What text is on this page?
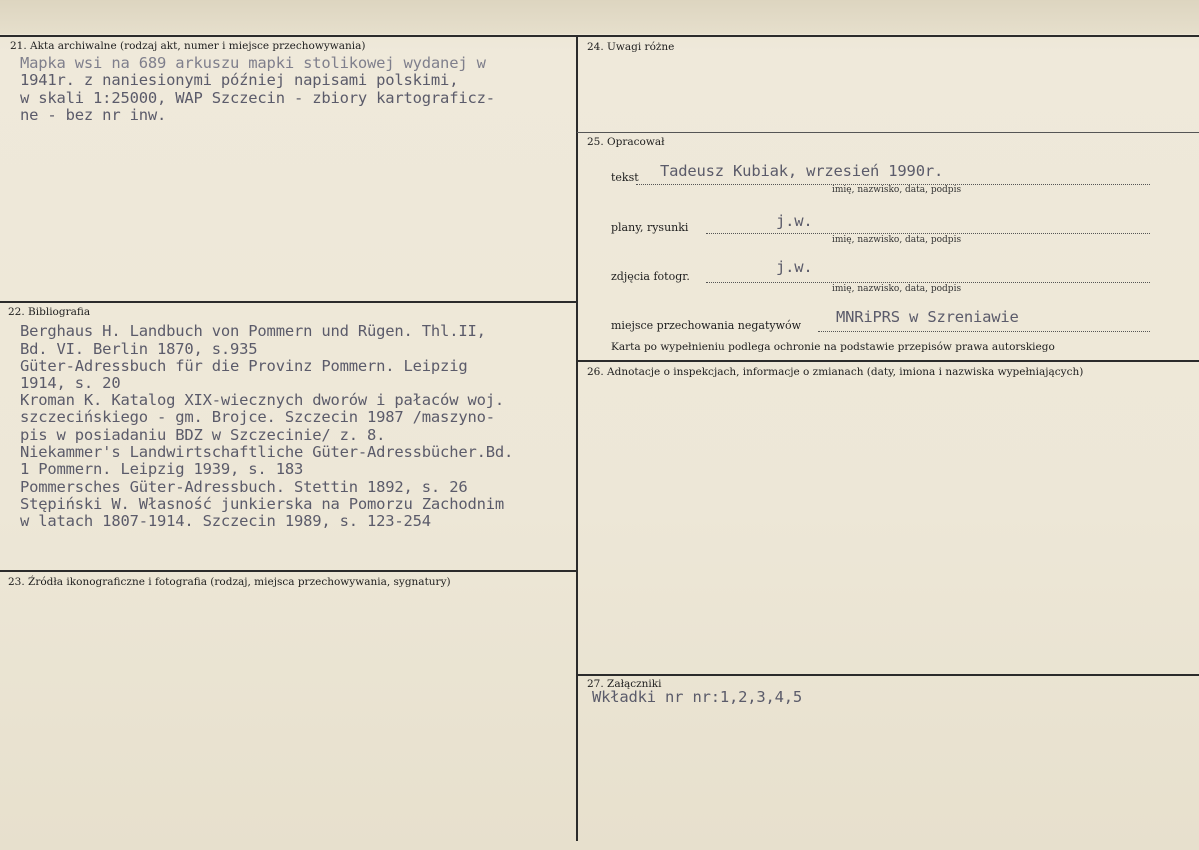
21. Akta archiwalne (rodzaj akt, numer i miejsce przechowywania)
Mapka wsi na 689 arkuszu mapki stolikowej wydanej w
1941r. z naniesionymi później napisami polskimi,
w skali 1:25000, WAP Szczecin - zbiory kartograficz-
ne - bez nr inw.
22. Bibliografia
Berghaus H. Landbuch von Pommern und Rügen. Thl.II,
Bd. VI. Berlin 1870, s.935
Güter-Adressbuch für die Provinz Pommern. Leipzig
1914, s. 20
Kroman K. Katalog XIX-wiecznych dworów i pałaców woj.
szczecińskiego - gm. Brojce. Szczecin 1987 /maszyno-
pis w posiadaniu BDZ w Szczecinie/ z. 8.
Niekammer's Landwirtschaftliche Güter-Adressbücher.Bd.
1 Pommern. Leipzig 1939, s. 183
Pommersches Güter-Adressbuch. Stettin 1892, s. 26
Stępiński W. Własność junkierska na Pomorzu Zachodnim
w latach 1807-1914. Szczecin 1989, s. 123-254
23. Źródła ikonograficzne i fotografia (rodzaj, miejsca przechowywania, sygnatury)
24. Uwagi różne
25. Opracował
tekst Tadeusz Kubiak, wrzesień 1990r.
imię, nazwisko, data, podpis
plany, rysunki	j.w.
imię, nazwisko, data, podpis
zdjęcia fotogr.
j.w.
imię, nazwisko, data, podpis
miejsce przechowania negatywów MNRiPRS w Szreniawie
Karta po wypełnieniu podlega ochronie na podstawie przepisów prawa autorskiego
26. Adnotacje o inspekcjach, informacje o zmianach (daty, imiona i nazwiska wypełniających)
27. Załączniki
Wkładki nr nr:1,2,3,4,5
